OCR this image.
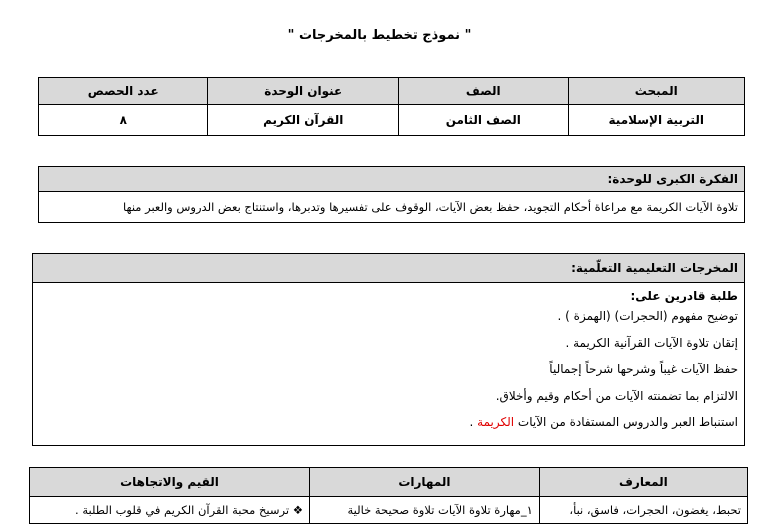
" نموذج تخطيط بالمخرجات "
المبحث	الصف	عنوان الوحدة	عدد الحصص
التربية الإسلامية	الصف الثامن	القرآن الكريم	٨
الفكرة الكبرى للوحدة:
تلاوة الآيات الكريمة مع مراعاة أحكام التجويد، حفظ بعض الآيات، الوقوف على تفسيرها وتدبرها، واستنتاج بعض الدروس والعبر منها
المخرجات التعليمية التعلّمية:
طلبة قادرين على:
توضيح مفهوم (الحجرات) (الهمزة ) .
إتقان تلاوة الآيات القرآنية الكريمة .
حفظ الآيات غيباً وشرحها شرحاً إجمالياً
الالتزام بما تضمنته الآيات من أحكام وقيم وأخلاق.
استنباط العبر والدروس المستفادة من الآيات الكريمة .
المعارف	المهارات	القيم والاتجاهات
تحبط، يغضون، الحجرات، فاسق، نبأ،	١_مهارة تلاوة الآيات تلاوة صحيحة خالية	❖ ترسيخ محبة القرآن الكريم في قلوب الطلبة .
